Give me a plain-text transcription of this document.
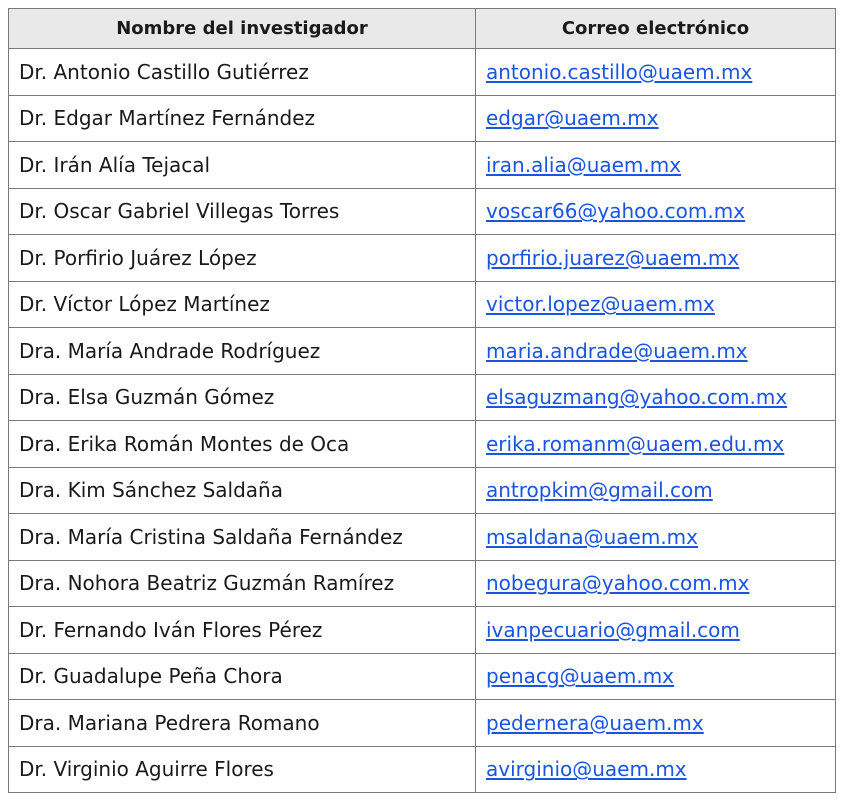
Nombre del investigador	Correo electrónico
Dr. Antonio Castillo Gutiérrez	antonio.castillo@uaem.mx
Dr. Edgar Martínez Fernández	edgar@uaem.mx
Dr. Irán Alía Tejacal	iran.alia@uaem.mx
Dr. Oscar Gabriel Villegas Torres	voscar66@yahoo.com.mx
Dr. Porfirio Juárez López	porfirio.juarez@uaem.mx
Dr. Víctor López Martínez	victor.lopez@uaem.mx
Dra. María Andrade Rodríguez	maria.andrade@uaem.mx
Dra. Elsa Guzmán Gómez	elsaguzmang@yahoo.com.mx
Dra. Erika Román Montes de Oca	erika.romanm@uaem.edu.mx
Dra. Kim Sánchez Saldaña	antropkim@gmail.com
Dra. María Cristina Saldaña Fernández	msaldana@uaem.mx
Dra. Nohora Beatriz Guzmán Ramírez	nobegura@yahoo.com.mx
Dr. Fernando Iván Flores Pérez	ivanpecuario@gmail.com
Dr. Guadalupe Peña Chora	penacg@uaem.mx
Dra. Mariana Pedrera Romano	pedernera@uaem.mx
Dr. Virginio Aguirre Flores	avirginio@uaem.mx
